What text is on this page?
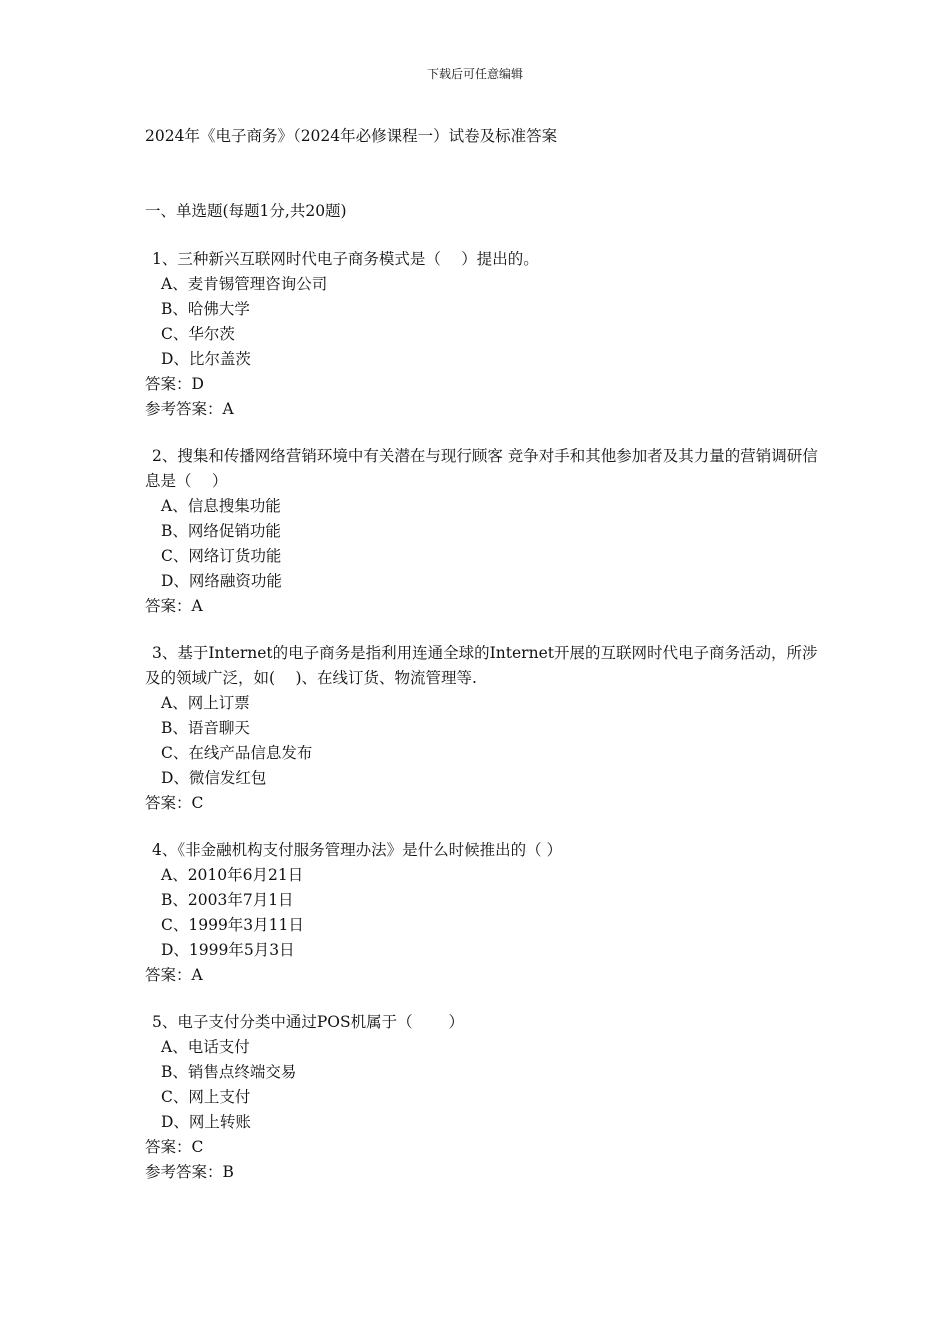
下载后可任意编辑
2024年《电子商务》（2024年必修课程一）试卷及标准答案
一、单选题(每题1分,共20题)
1、三种新兴互联网时代电子商务模式是（　 ）提出的。
A、麦肯锡管理咨询公司
B、哈佛大学
C、华尔茨
D、比尔盖茨
答案：D
参考答案：A
2、搜集和传播网络营销环境中有关潜在与现行顾客 竞争对手和其他参加者及其力量的营销调研信息是（　 ）
A、信息搜集功能
B、网络促销功能
C、网络订货功能
D、网络融资功能
答案：A
3、基于Internet的电子商务是指利用连通全球的Internet开展的互联网时代电子商务活动，所涉及的领域广泛，如(　 )、在线订货、物流管理等.
A、网上订票
B、语音聊天
C、在线产品信息发布
D、微信发红包
答案：C
4、《非金融机构支付服务管理办法》是什么时候推出的（ ）
A、2010年6月21日
B、2003年7月1日
C、1999年3月11日
D、1999年5月3日
答案：A
5、电子支付分类中通过POS机属于（　　 ）
A、电话支付
B、销售点终端交易
C、网上支付
D、网上转账
答案：C
参考答案：B
